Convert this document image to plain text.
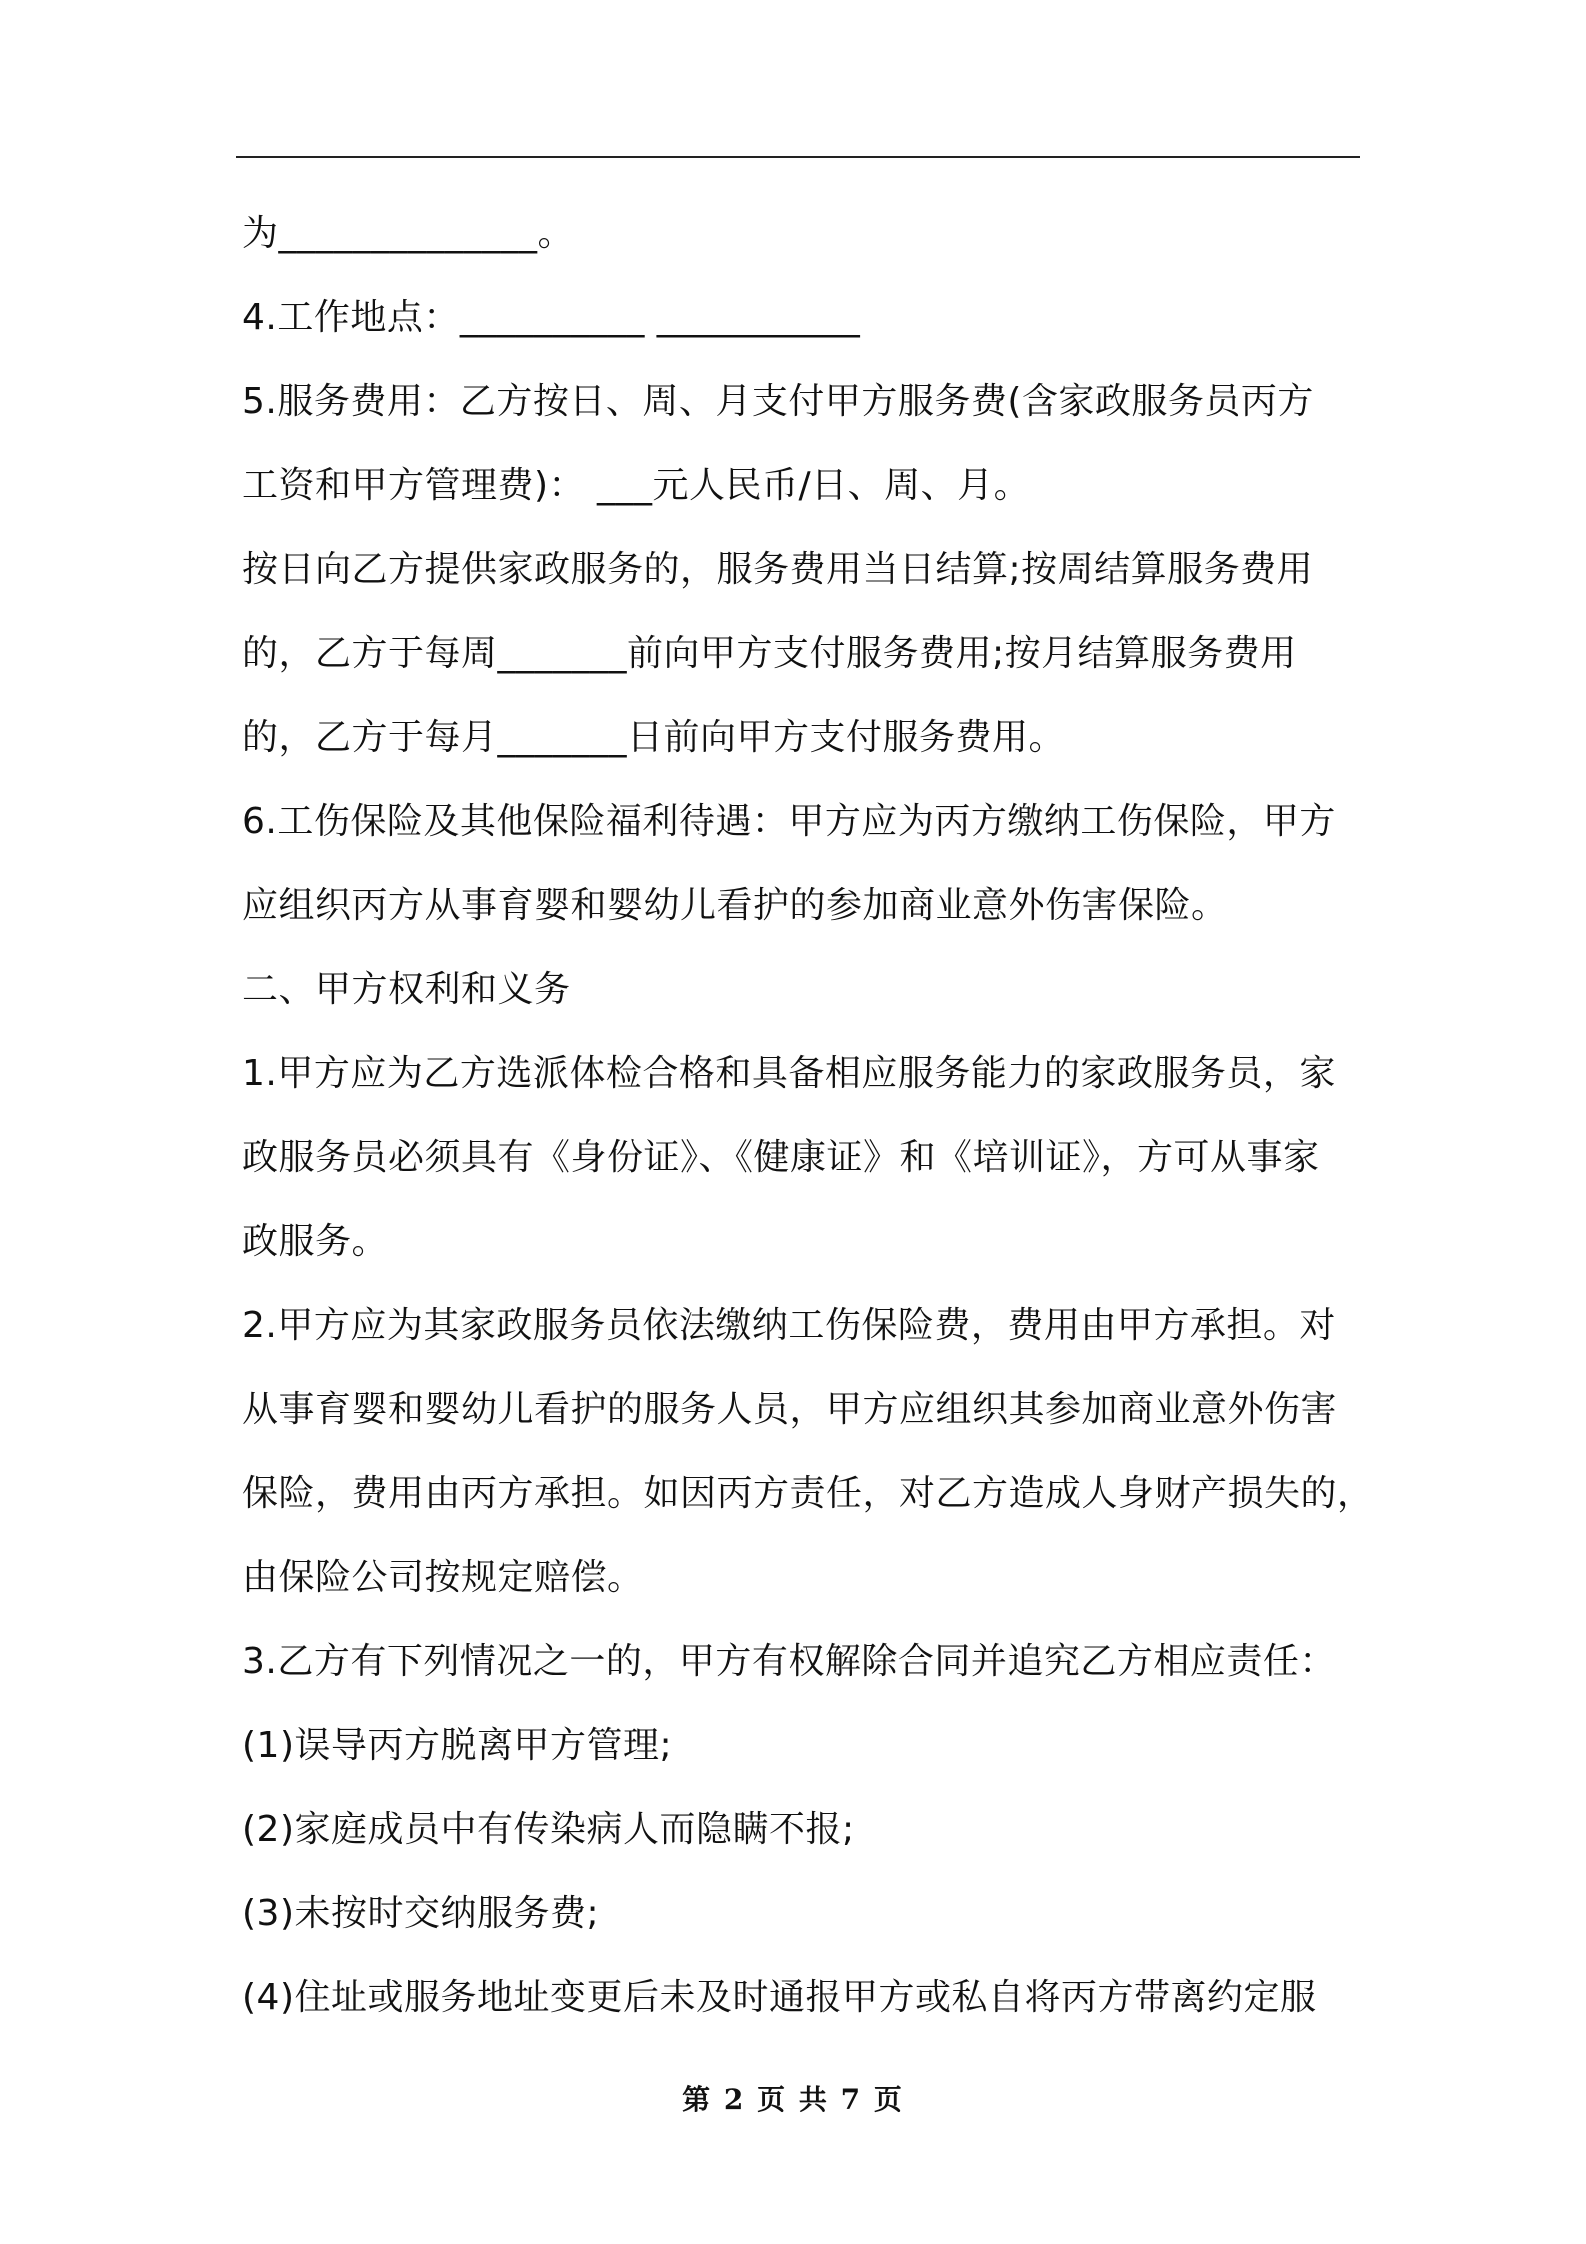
为______________。
4.工作地点：__________ ___________
5.服务费用：乙方按日、周、月支付甲方服务费(含家政服务员丙方
工资和甲方管理费)： ___元人民币/日、周、月。
按日向乙方提供家政服务的，服务费用当日结算;按周结算服务费用
的，乙方于每周_______前向甲方支付服务费用;按月结算服务费用
的，乙方于每月_______日前向甲方支付服务费用。
6.工伤保险及其他保险福利待遇：甲方应为丙方缴纳工伤保险，甲方
应组织丙方从事育婴和婴幼儿看护的参加商业意外伤害保险。
二、甲方权利和义务
1.甲方应为乙方选派体检合格和具备相应服务能力的家政服务员，家
政服务员必须具有《身份证》、《健康证》和《培训证》，方可从事家
政服务。
2.甲方应为其家政服务员依法缴纳工伤保险费，费用由甲方承担。对
从事育婴和婴幼儿看护的服务人员，甲方应组织其参加商业意外伤害
保险，费用由丙方承担。如因丙方责任，对乙方造成人身财产损失的，
由保险公司按规定赔偿。
3.乙方有下列情况之一的，甲方有权解除合同并追究乙方相应责任：
(1)误导丙方脱离甲方管理;
(2)家庭成员中有传染病人而隐瞒不报;
(3)未按时交纳服务费;
(4)住址或服务地址变更后未及时通报甲方或私自将丙方带离约定服
第 2 页 共 7 页
